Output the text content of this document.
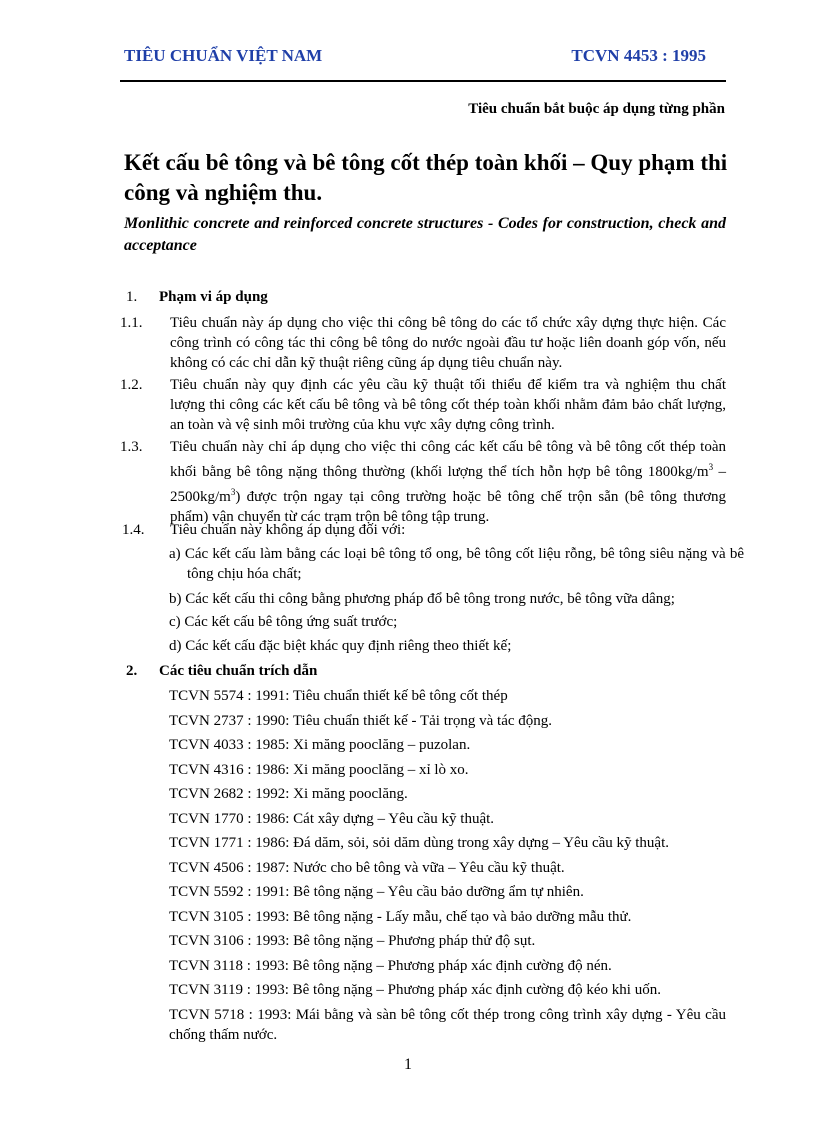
TIÊU CHUẨN VIỆT NAM	TCVN 4453 : 1995
Tiêu chuẩn bắt buộc áp dụng từng phần
Kết cấu bê tông và bê tông cốt thép toàn khối – Quy phạm thi công và nghiệm thu.
Monlithic concrete and reinforced concrete structures - Codes for construction, check and acceptance
1. Phạm vi áp dụng
1.1. Tiêu chuẩn này áp dụng cho việc thi công bê tông do các tổ chức xây dựng thực hiện. Các công trình có công tác thi công bê tông do nước ngoài đầu tư hoặc liên doanh góp vốn, nếu không có các chỉ dẫn kỹ thuật riêng cũng áp dụng tiêu chuẩn này.
1.2. Tiêu chuẩn này quy định các yêu cầu kỹ thuật tối thiểu để kiểm tra và nghiệm thu chất lượng thi công các kết cấu bê tông và bê tông cốt thép toàn khối nhằm đảm bảo chất lượng, an toàn và vệ sinh môi trường của khu vực xây dựng công trình.
1.3. Tiêu chuẩn này chỉ áp dụng cho việc thi công các kết cấu bê tông và bê tông cốt thép toàn khối bằng bê tông nặng thông thường (khối lượng thể tích hỗn hợp bê tông $1800kg/m^3 - 2500kg/m^3$) được trộn ngay tại công trường hoặc bê tông chế trộn sẵn (bê tông thương phẩm) vận chuyển từ các trạm trộn bê tông tập trung.
1.4. Tiêu chuẩn này không áp dụng đối với:
a) Các kết cấu làm bằng các loại bê tông tổ ong, bê tông cốt liệu rỗng, bê tông siêu nặng và bê tông chịu hóa chất;
b) Các kết cấu thi công bằng phương pháp đổ bê tông trong nước, bê tông vữa dâng;
c) Các kết cấu bê tông ứng suất trước;
d) Các kết cấu đặc biệt khác quy định riêng theo thiết kế;
2. Các tiêu chuẩn trích dẫn
TCVN 5574 : 1991: Tiêu chuẩn thiết kế bê tông cốt thép
TCVN 2737 : 1990: Tiêu chuẩn thiết kế - Tải trọng và tác động.
TCVN 4033 : 1985: Xi măng pooclăng – puzolan.
TCVN 4316 : 1986: Xi măng pooclăng – xỉ lò xo.
TCVN 2682 : 1992: Xi măng pooclăng.
TCVN 1770 : 1986: Cát xây dựng – Yêu cầu kỹ thuật.
TCVN 1771 : 1986: Đá dăm, sỏi, sỏi dăm dùng trong xây dựng – Yêu cầu kỹ thuật.
TCVN 4506 : 1987: Nước cho bê tông và vữa – Yêu cầu kỹ thuật.
TCVN 5592 : 1991: Bê tông nặng – Yêu cầu bảo dưỡng ẩm tự nhiên.
TCVN 3105 : 1993: Bê tông nặng - Lấy mẫu, chế tạo và bảo dưỡng mẫu thử.
TCVN 3106 : 1993: Bê tông nặng – Phương pháp thử độ sụt.
TCVN 3118 : 1993: Bê tông nặng – Phương pháp xác định cường độ nén.
TCVN 3119 : 1993: Bê tông nặng – Phương pháp xác định cường độ kéo khi uốn.
TCVN 5718 : 1993: Mái bằng và sàn bê tông cốt thép trong công trình xây dựng - Yêu cầu chống thấm nước.
1
